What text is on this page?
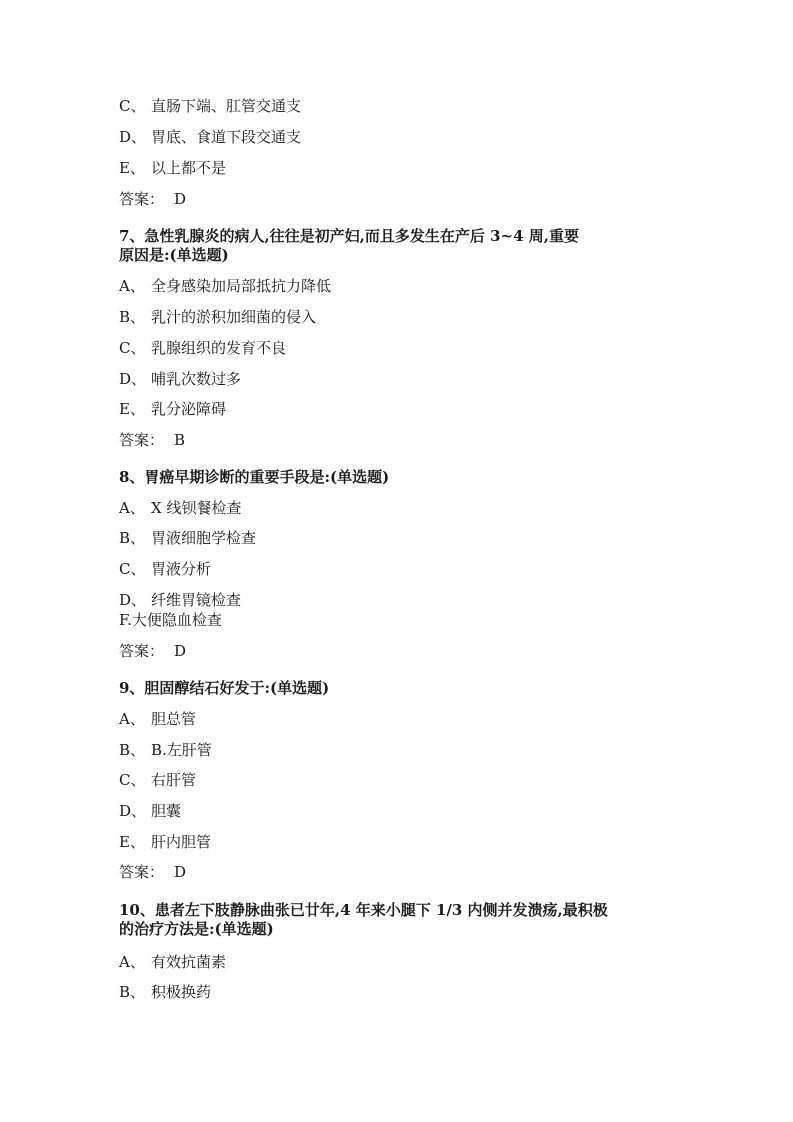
C、 直肠下端、肛管交通支
D、 胃底、食道下段交通支
E、 以上都不是
答案： D
7、急性乳腺炎的病人,往往是初产妇,而且多发生在产后 3~4 周,重要
原因是:(单选题)
A、 全身感染加局部抵抗力降低
B、 乳汁的淤积加细菌的侵入
C、 乳腺组织的发育不良
D、 哺乳次数过多
E、 乳分泌障碍
答案： B
8、胃癌早期诊断的重要手段是:(单选题)
A、 X 线钡餐检查
B、 胃液细胞学检查
C、 胃液分析
D、 纤维胃镜检查
F.大便隐血检查
答案： D
9、胆固醇结石好发于:(单选题)
A、 胆总管
B、 B.左肝管
C、 右肝管
D、 胆囊
E、 肝内胆管
答案： D
10、患者左下肢静脉曲张已廿年,4 年来小腿下 1/3 内侧并发溃疡,最积极
的治疗方法是:(单选题)
A、 有效抗菌素
B、 积极换药
